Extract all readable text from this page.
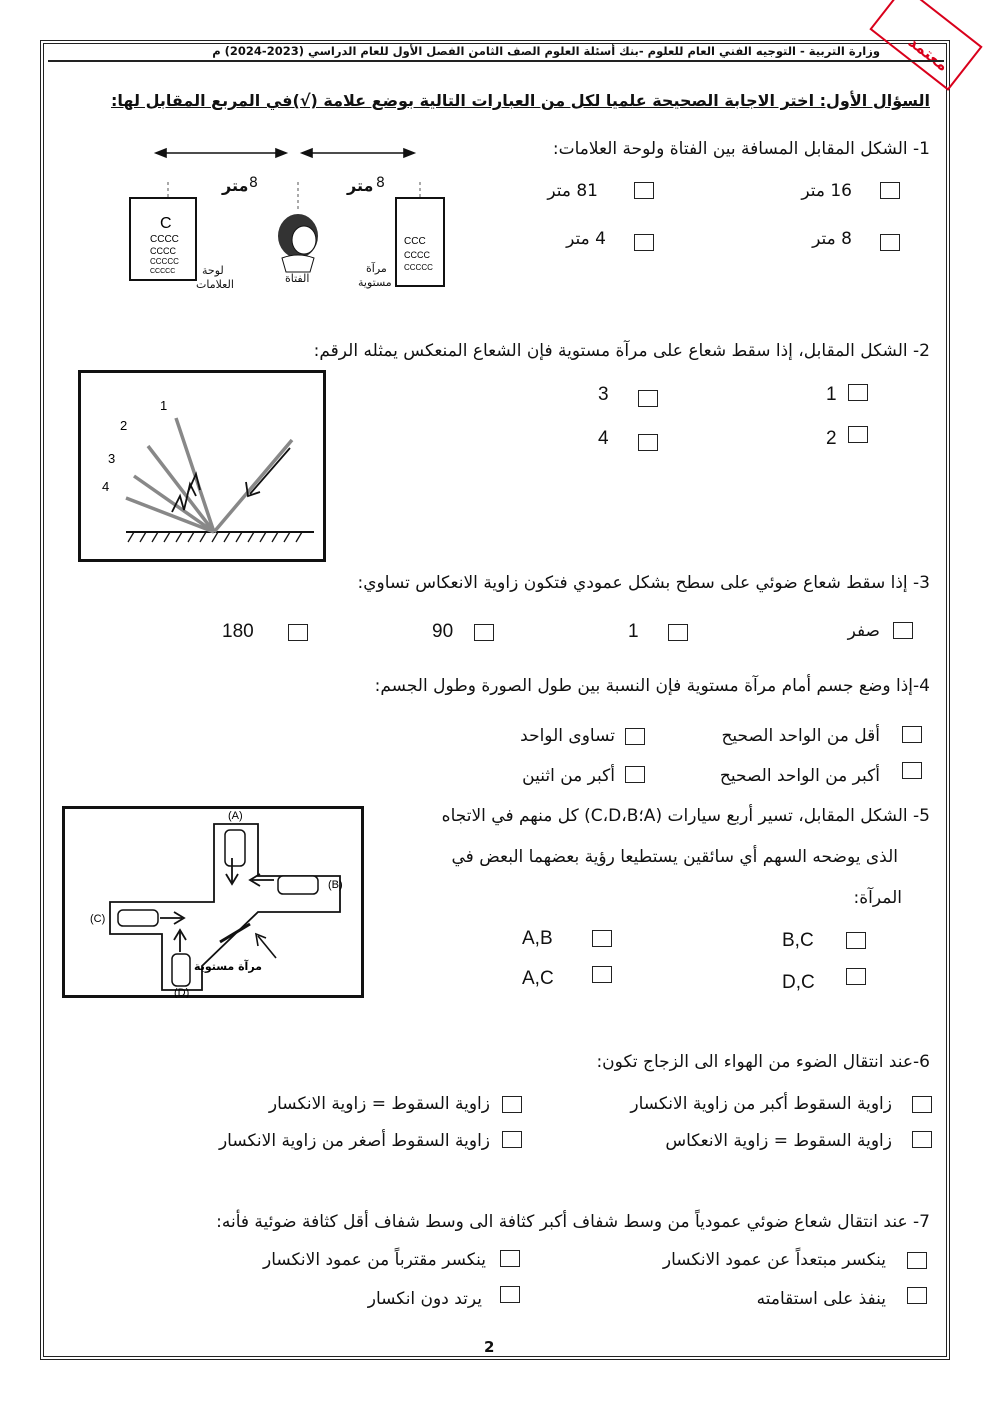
معتمد
وزارة التربية - التوجيه الفني العام للعلوم -بنك أسئلة العلوم الصف الثامن الفصل الأول للعام الدراسي (2023-2024) م
السؤال الأول: اختر الاجابة الصحيحة علميا لكل من العبارات التالية بوضع علامة (√)في المربع المقابل لها:
1- الشكل المقابل المسافة بين الفتاة ولوحة العلامات:
16 متر
81 متر
8 متر
4 متر
C
CCCC
CCCC
CCCCC
CCCCC
CCC
CCCC
CCCCC
متر 8	متر 8
لوحة
العلامات	الفتاة
مرآة
مستوية
2- الشكل المقابل، إذا سقط شعاع على مرآة مستوية فإن الشعاع المنعكس يمثله الرقم:
1
3
2
4
1
2
3
4
3- إذا سقط شعاع ضوئي على سطح بشكل عمودي فتكون زاوية الانعكاس تساوي:
صفر
1
90
180
4-إذا وضع جسم أمام مرآة مستوية فإن النسبة بين طول الصورة وطول الجسم:
أقل من الواحد الصحيح
تساوى الواحد
أكبر من الواحد الصحيح
أكبر من اثنين
5- الشكل المقابل، تسير أربع سيارات (A؛C،D،B) كل منهم في الاتجاه
الذى يوضحه السهم أي سائقين يستطيعا رؤية بعضهما البعض في
المرآة:
B,C
A,B
D,C
A,C
(A)
(B)
(C)
(D)
مرآة مستوية
6-عند انتقال الضوء من الهواء الى الزجاج تكون:
زاوية السقوط أكبر من زاوية الانكسار
زاوية السقوط = زاوية الانكسار
زاوية السقوط = زاوية الانعكاس
زاوية السقوط أصغر من زاوية الانكسار
7- عند انتقال شعاع ضوئي عمودياً من وسط شفاف أكبر كثافة الى وسط شفاف أقل كثافة ضوئية فأنه:
ينكسر مبتعداً عن عمود الانكسار
ينكسر مقترباً من عمود الانكسار
ينفذ على استقامته
يرتد دون انكسار
2
